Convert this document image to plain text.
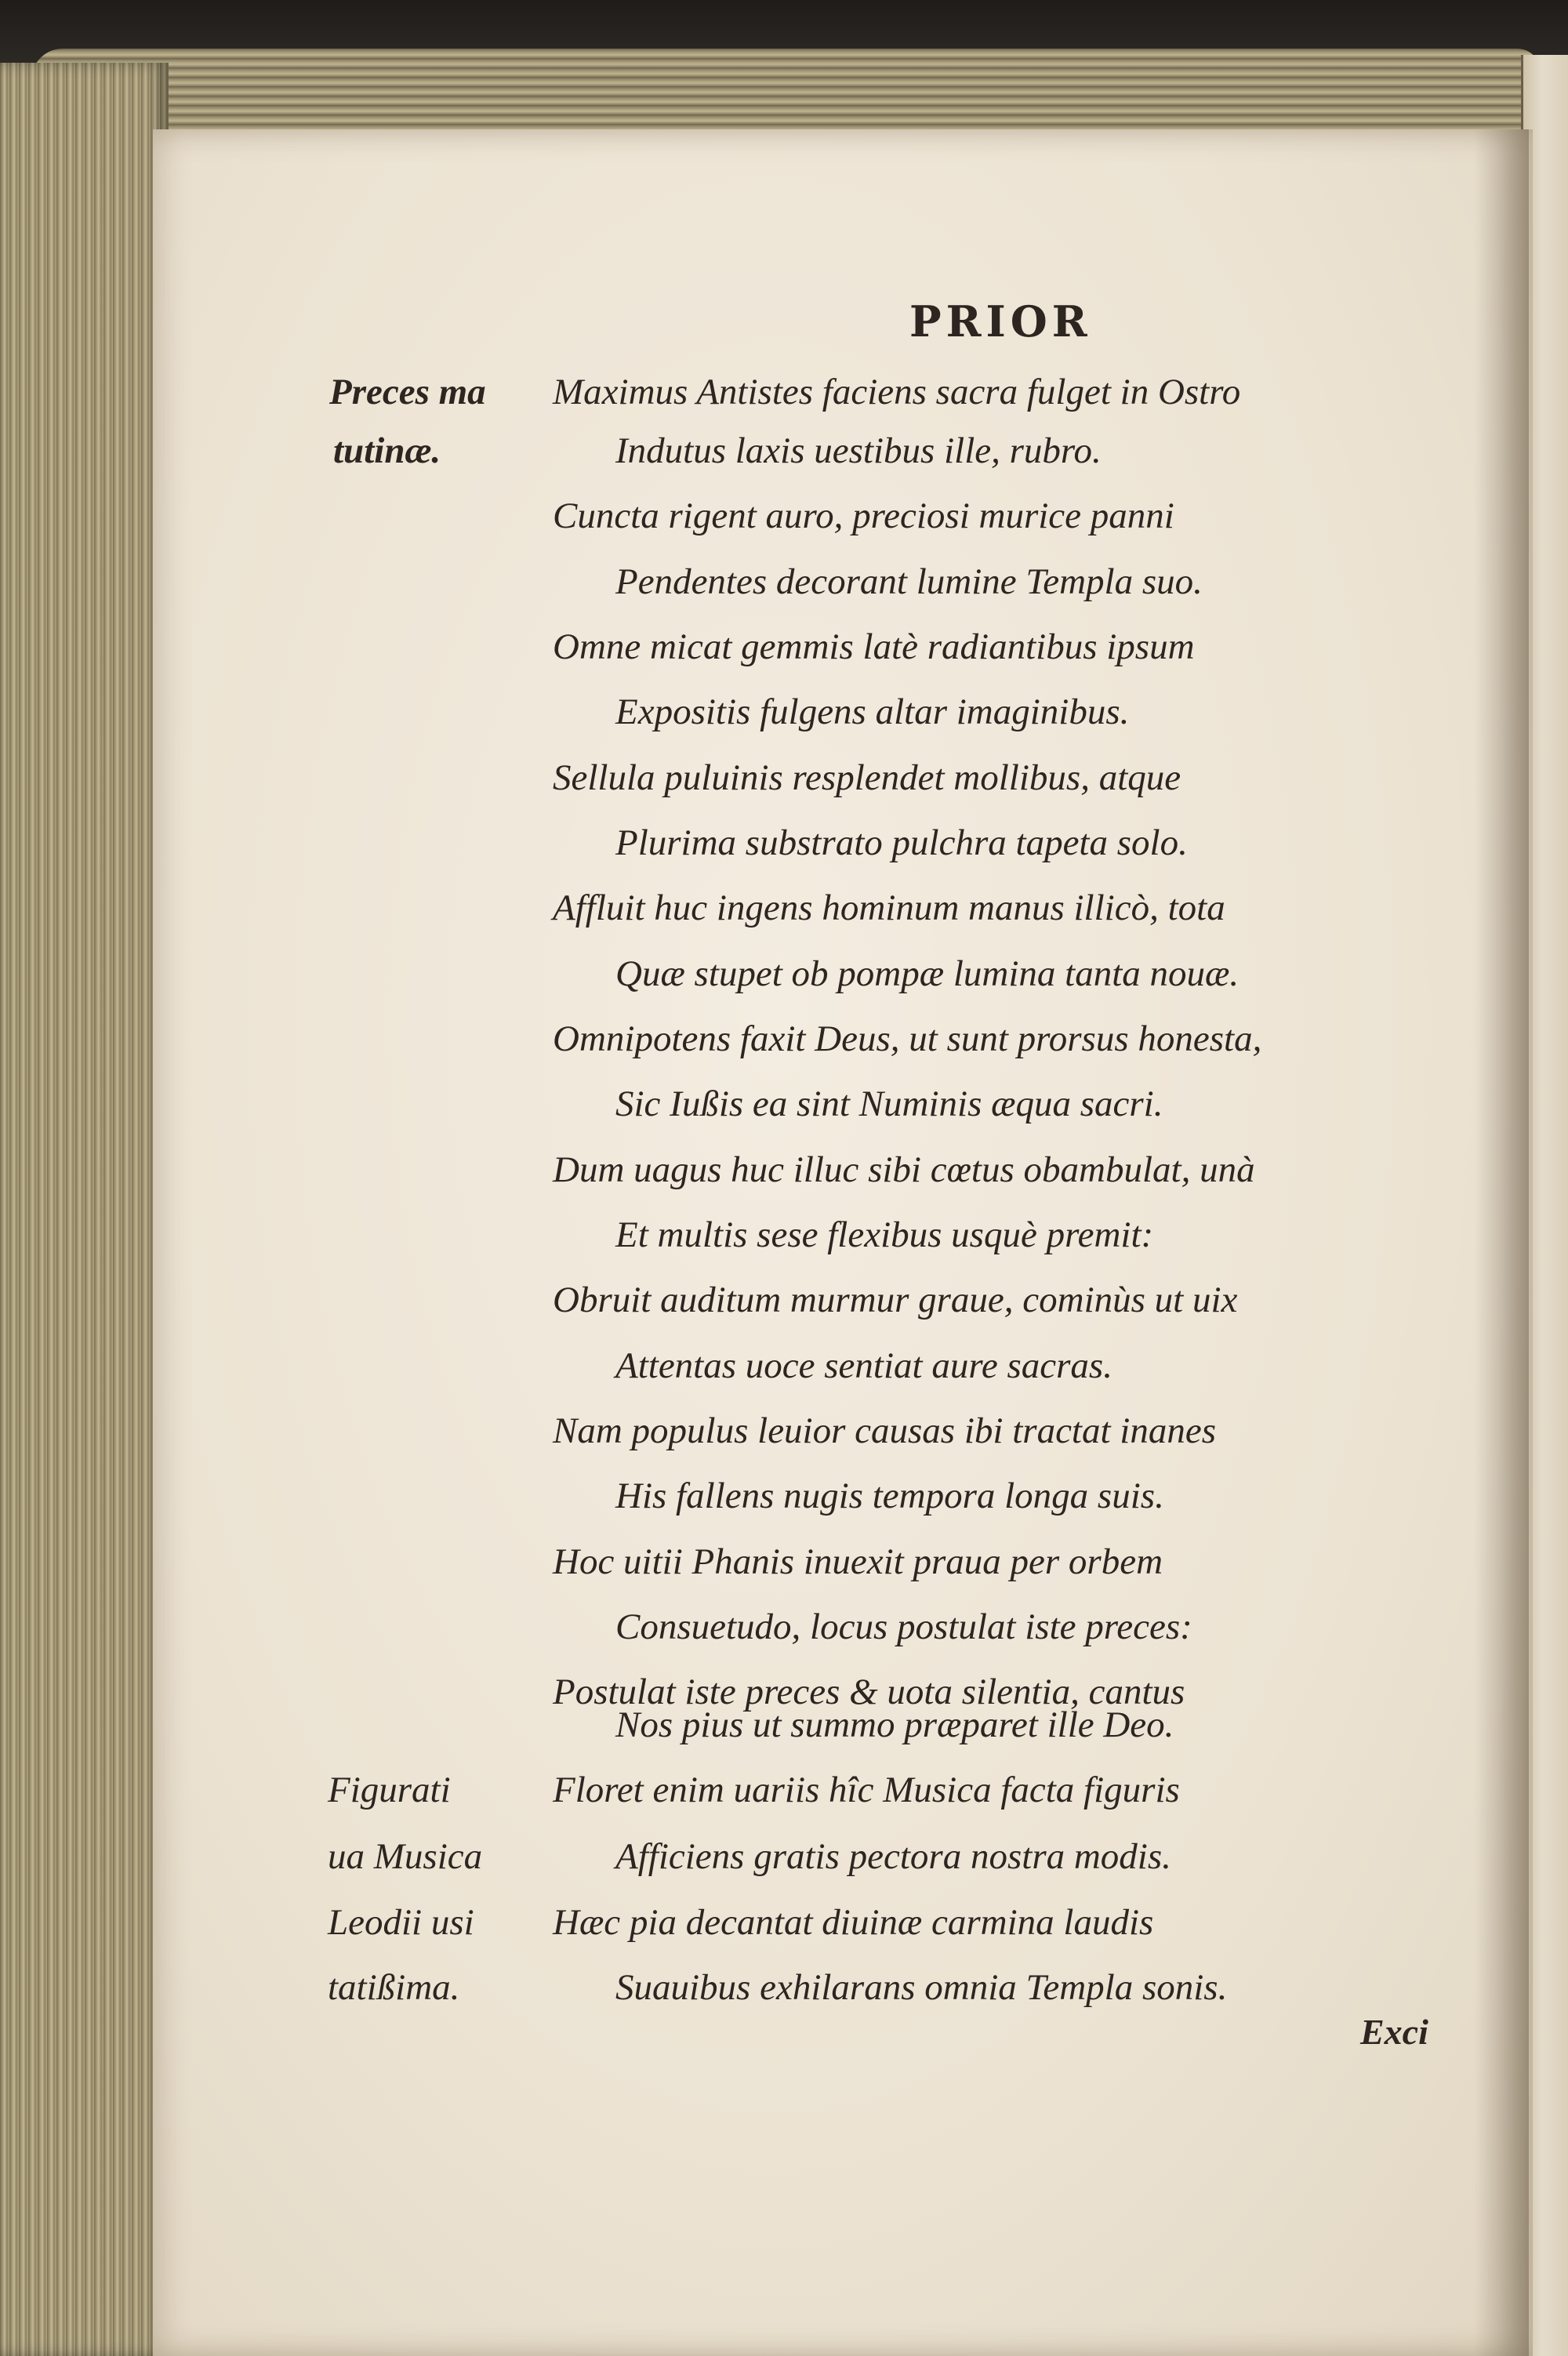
PRIOR
Preces ma
tutinæ.
Figurati
ua Musica
Leodii usi
tatißima.
Maximus Antistes faciens sacra fulget in Ostro
Indutus laxis uestibus ille, rubro.
Cuncta rigent auro, preciosi murice panni
Pendentes decorant lumine Templa suo.
Omne micat gemmis latè radiantibus ipsum
Expositis fulgens altar imaginibus.
Sellula puluinis resplendet mollibus, atque
Plurima substrato pulchra tapeta solo.
Affluit huc ingens hominum manus illicò, tota
Quæ stupet ob pompæ lumina tanta nouæ.
Omnipotens faxit Deus, ut sunt prorsus honesta,
Sic Iußis ea sint Numinis æqua sacri.
Dum uagus huc illuc sibi cœtus obambulat, unà
Et multis sese flexibus usquè premit:
Obruit auditum murmur graue, cominùs ut uix
Attentas uoce sentiat aure sacras.
Nam populus leuior causas ibi tractat inanes
His fallens nugis tempora longa suis.
Hoc uitii Phanis inuexit praua per orbem
Consuetudo, locus postulat iste preces:
Postulat iste preces & uota silentia, cantus
Nos pius ut summo præparet ille Deo.
Floret enim uariis hîc Musica facta figuris
Afficiens gratis pectora nostra modis.
Hæc pia decantat diuinæ carmina laudis
Suauibus exhilarans omnia Templa sonis.
Exci
